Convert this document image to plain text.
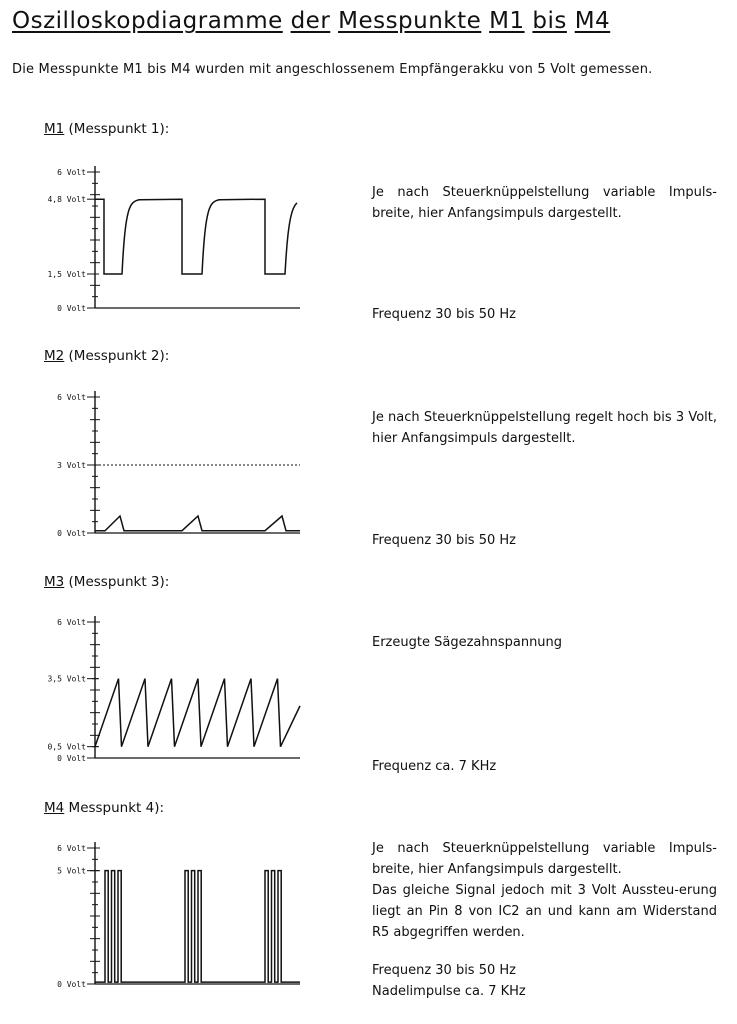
Oszilloskopdiagramme der Messpunkte M1 bis M4
Die Messpunkte M1 bis M4 wurden mit angeschlossenem Empfängerakku von 5 Volt gemessen.
M1 (Messpunkt 1):
6 Volt
4,8 Volt
1,5 Volt
0 Volt
Je nach Steuerknüppelstellung variable Impuls-breite, hier Anfangsimpuls dargestellt.
Frequenz 30 bis 50 Hz
M2 (Messpunkt 2):
6 Volt
3 Volt
0 Volt
Je nach Steuerknüppelstellung regelt hoch bis 3 Volt, hier Anfangsimpuls dargestellt.
Frequenz 30 bis 50 Hz
M3 (Messpunkt 3):
6 Volt
3,5 Volt
0,5 Volt
0 Volt
Erzeugte Sägezahnspannung
Frequenz ca. 7 KHz
M4 Messpunkt 4):
6 Volt
5 Volt
0 Volt
Je nach Steuerknüppelstellung variable Impuls-breite, hier Anfangsimpuls dargestellt.
Das gleiche Signal jedoch mit 3 Volt Aussteu-erung liegt an Pin 8 von IC2 an und kann am Widerstand R5 abgegriffen werden.
Frequenz 30 bis 50 Hz
Nadelimpulse ca. 7 KHz
